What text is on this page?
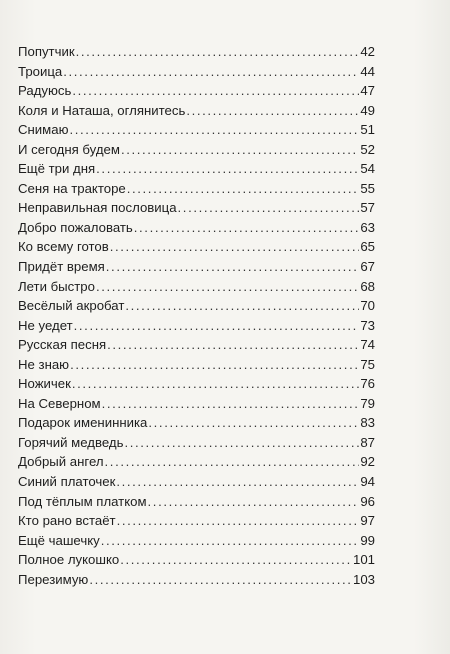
Попутчик .....	42
Троица .....	44
Радуюсь .....	47
Коля и Наташа, оглянитесь .....	49
Снимаю .....	51
И сегодня будем .....	52
Ещё три дня .....	54
Сеня на тракторе .....	55
Неправильная пословица .....	57
Добро пожаловать .....	63
Ко всему готов .....	65
Придёт время .....	67
Лети быстро .....	68
Весёлый акробат .....	70
Не уедет .....	73
Русская песня .....	74
Не знаю .....	75
Ножичек .....	76
На Северном .....	79
Подарок именинника .....	83
Горячий медведь .....	87
Добрый ангел .....	92
Синий платочек .....	94
Под тёплым платком .....	96
Кто рано встаёт .....	97
Ещё чашечку .....	99
Полное лукошко .....	101
Перезимую .....	103
